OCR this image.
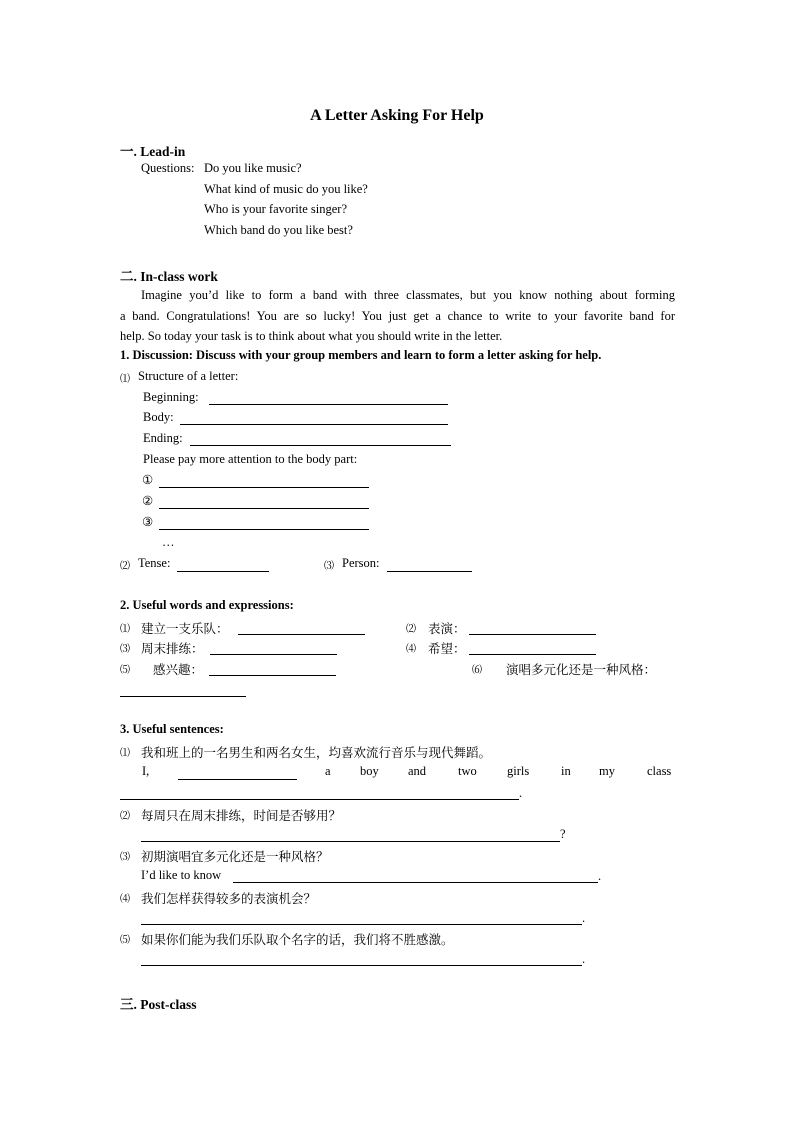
A Letter Asking For Help
一. Lead-in
Questions: Do you like music?
What kind of music do you like?
Who is your favorite singer?
Which band do you like best?
二. In-class work
Imagine you’d like to form a band with three classmates, but you know nothing about forming
a band. Congratulations! You are so lucky! You just get a chance to write to your favorite band for
help. So today your task is to think about what you should write in the letter.
1. Discussion: Discuss with your group members and learn to form a letter asking for help.
⑴ Structure of a letter:
Beginning:
Body:
Ending:
Please pay more attention to the body part:
①
②
③
…
⑵ Tense:	⑶ Person:
2. Useful words and expressions:
⑴ 建立一支乐队：	⑵ 表演：
⑶ 周末排练：	⑷ 希望：
⑸ 感兴趣：	⑹ 演唱多元化还是一种风格：
3. Useful sentences:
⑴ 我和班上的一名男生和两名女生，均喜欢流行音乐与现代舞蹈。
I,	a boy and	two girls	in my	class
.
⑵ 每周只在周末排练，时间是否够用？
?
⑶ 初期演唱宜多元化还是一种风格？
I’d like to know	.
⑷ 我们怎样获得较多的表演机会？
.
⑸ 如果你们能为我们乐队取个名字的话，我们将不胜感激。
.
三. Post-class
